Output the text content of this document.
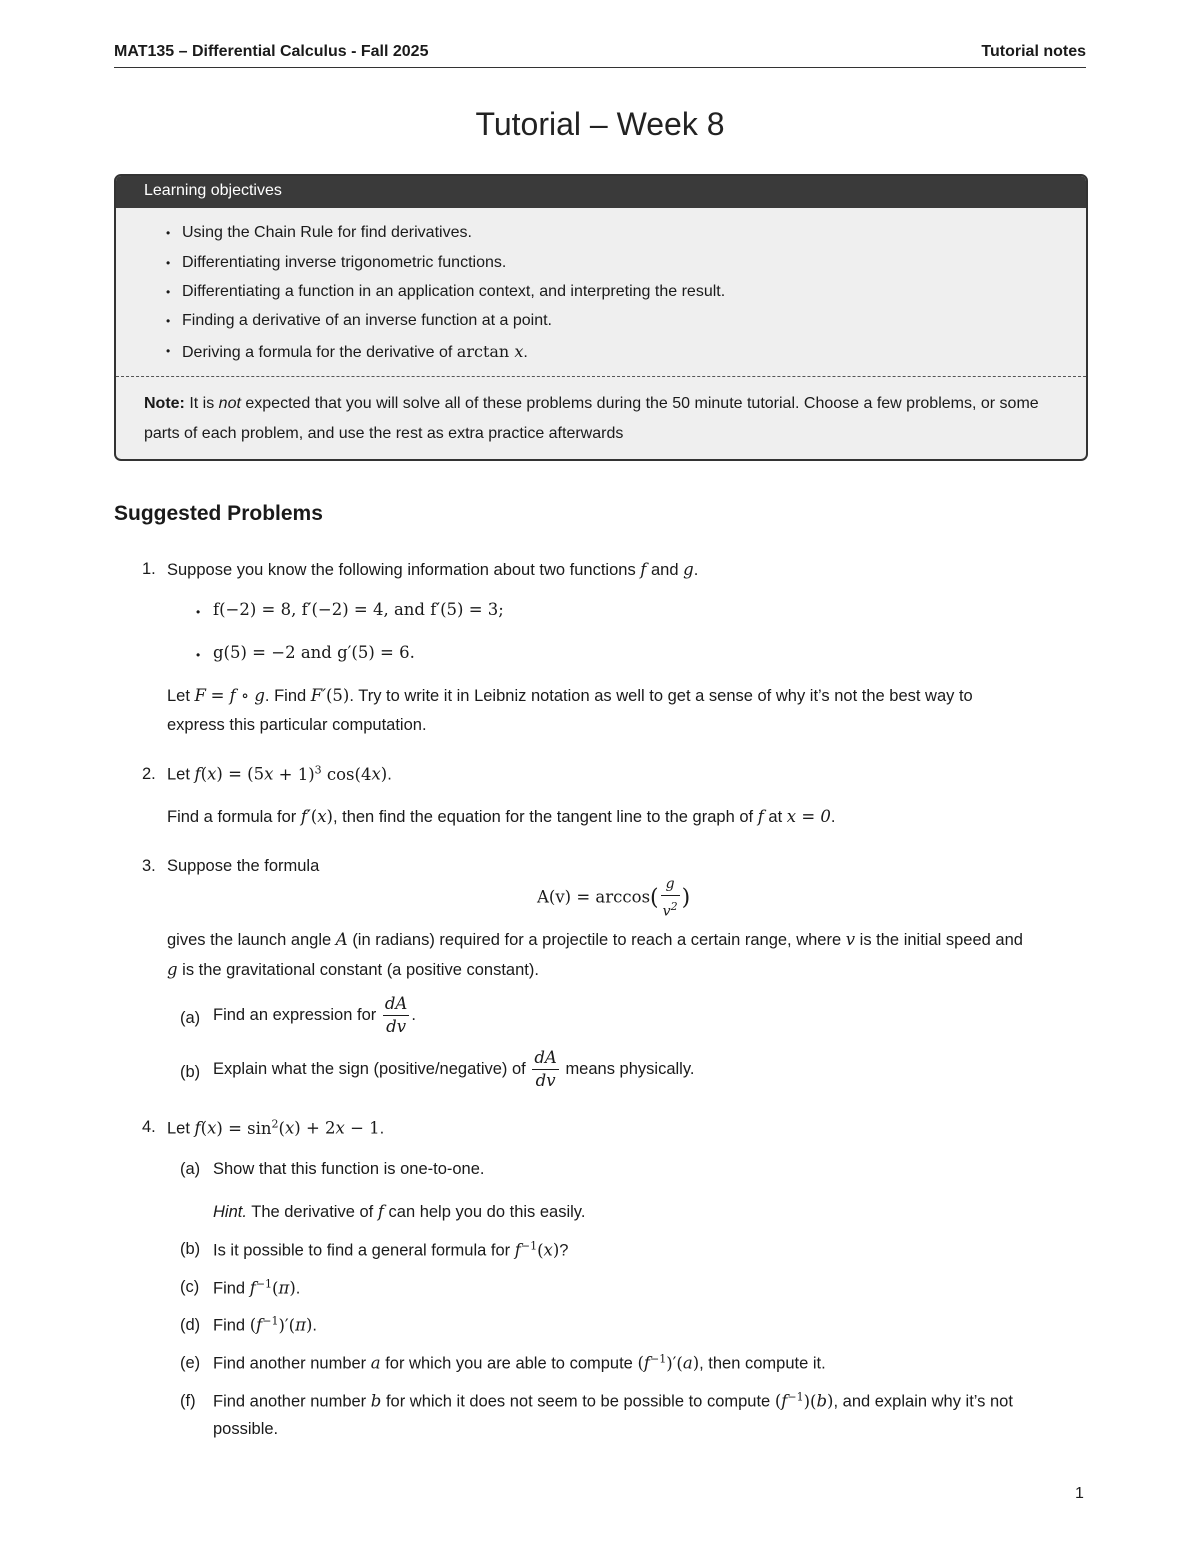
MAT135 – Differential Calculus - Fall 2025	Tutorial notes
Tutorial – Week 8
Learning objectives
• Using the Chain Rule for find derivatives.
• Differentiating inverse trigonometric functions.
• Differentiating a function in an application context, and interpreting the result.
• Finding a derivative of an inverse function at a point.
• Deriving a formula for the derivative of arctan x.
Note: It is not expected that you will solve all of these problems during the 50 minute tutorial. Choose a few problems, or some parts of each problem, and use the rest as extra practice afterwards
Suggested Problems
1. Suppose you know the following information about two functions f and g.
• f(−2) = 8, f′(−2) = 4, and f′(5) = 3;
• g(5) = −2 and g′(5) = 6.
Let F = f ∘ g. Find F′(5). Try to write it in Leibniz notation as well to get a sense of why it’s not the best way to
express this particular computation.
2. Let $f(x) = (5x + 1)^3$ cos(4x).
Find a formula for f′(x), then find the equation for the tangent line to the graph of f at x = 0.
3. Suppose the formula
$A(v) = \arccos( \frac{g}{v^2}$ )
gives the launch angle A (in radians) required for a projectile to reach a certain range, where v is the initial speed and
g is the gravitational constant (a positive constant).
(a) Find an expression for $\frac{dA}{dv}$ .
(b) Explain what the sign (positive/negative) of $\frac{dA}{dv}$ means physically.
4. Let $f(x) = \sin^2(x) + 2x - 1$.
(a) Show that this function is one-to-one.
Hint. The derivative of f can help you do this easily.
(b) Is it possible to find a general formula for $f^{-1}(x)$?
(c) Find $f^{-1}(\pi)$.
(d) Find $(f^{-1})'(\pi)$.
(e) Find another number a for which you are able to compute $(f^{-1})'(a)$, then compute it.
(f) Find another number b for which it does not seem to be possible to compute $(f^{-1})(b)$, and explain why it’s not
possible.
1
